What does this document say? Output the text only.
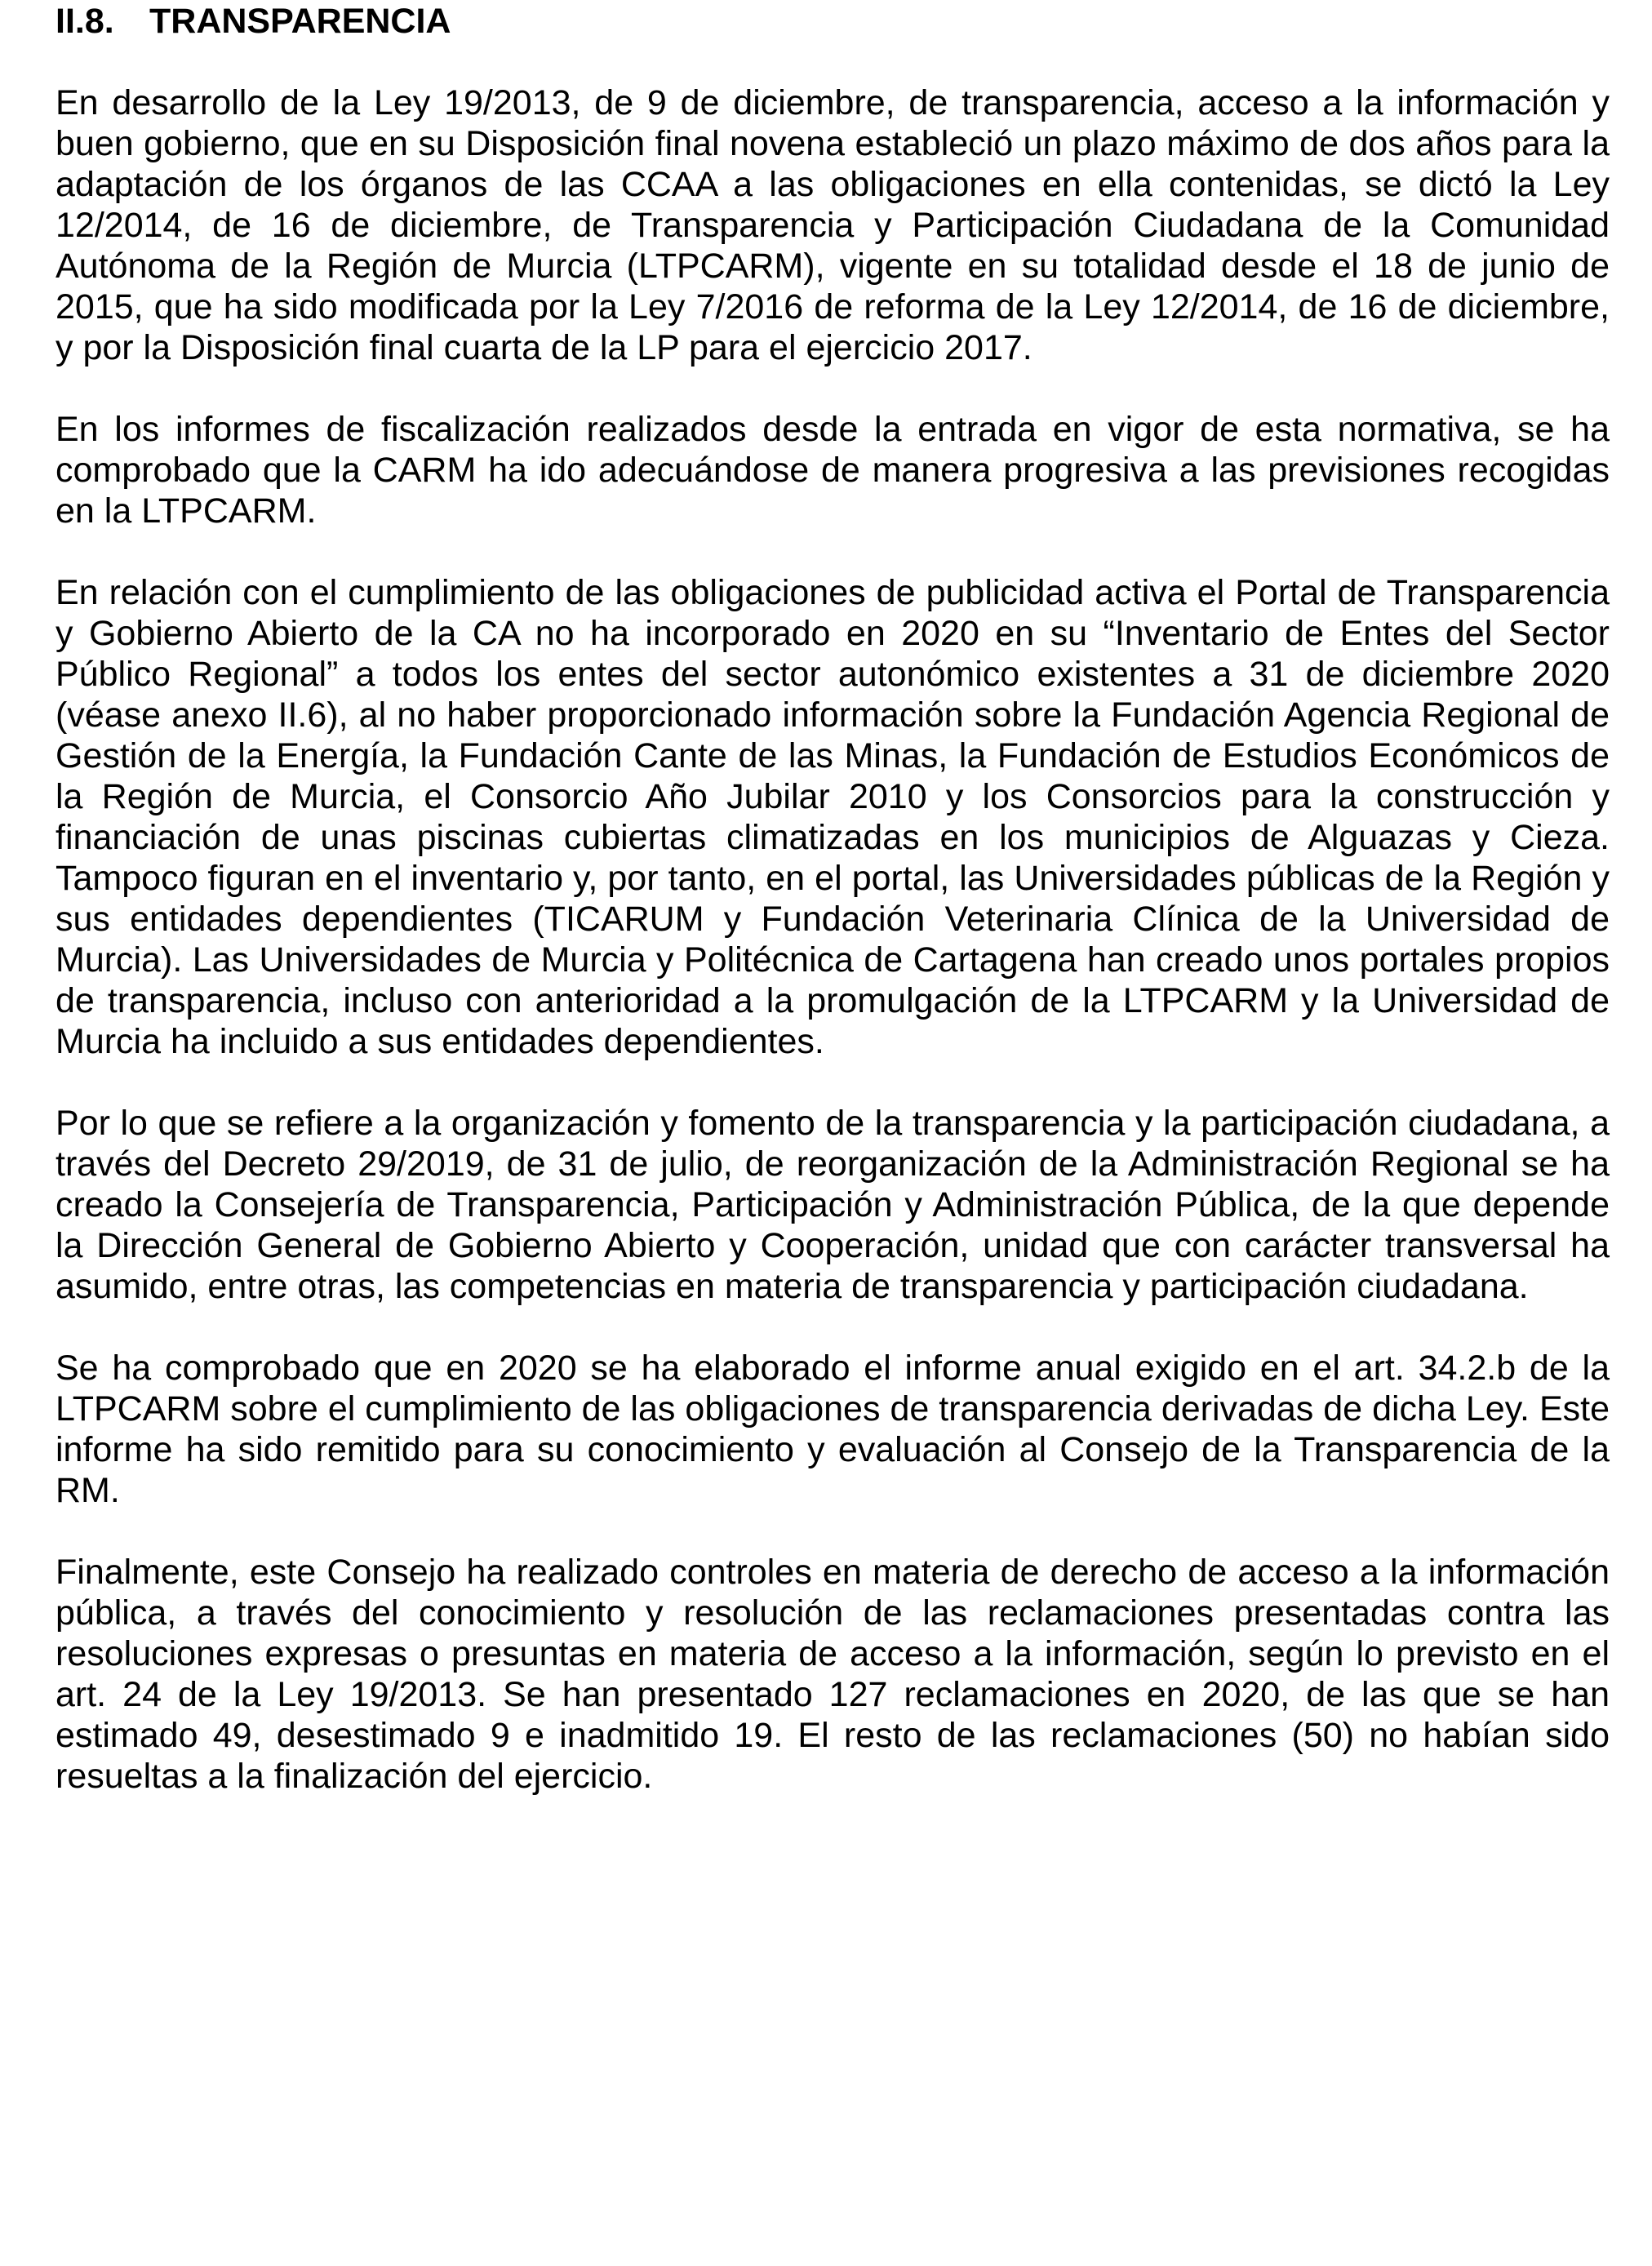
II.8. TRANSPARENCIA

En desarrollo de la Ley 19/2013, de 9 de diciembre, de transparencia, acceso a la información y buen gobierno, que en su Disposición final novena estableció un plazo máximo de dos años para la adaptación de los órganos de las CCAA a las obligaciones en ella contenidas, se dictó la Ley 12/2014, de 16 de diciembre, de Transparencia y Participación Ciudadana de la Comunidad Autónoma de la Región de Murcia (LTPCARM), vigente en su totalidad desde el 18 de junio de 2015, que ha sido modificada por la Ley 7/2016 de reforma de la Ley 12/2014, de 16 de diciembre, y por la Disposición final cuarta de la LP para el ejercicio 2017.

En los informes de fiscalización realizados desde la entrada en vigor de esta normativa, se ha comprobado que la CARM ha ido adecuándose de manera progresiva a las previsiones recogidas en la LTPCARM.

En relación con el cumplimiento de las obligaciones de publicidad activa el Portal de Transparencia y Gobierno Abierto de la CA no ha incorporado en 2020 en su “Inventario de Entes del Sector Público Regional” a todos los entes del sector autonómico existentes a 31 de diciembre 2020 (véase anexo II.6), al no haber proporcionado información sobre la Fundación Agencia Regional de Gestión de la Energía, la Fundación Cante de las Minas, la Fundación de Estudios Económicos de la Región de Murcia, el Consorcio Año Jubilar 2010 y los Consorcios para la construcción y financiación de unas piscinas cubiertas climatizadas en los municipios de Alguazas y Cieza. Tampoco figuran en el inventario y, por tanto, en el portal, las Universidades públicas de la Región y sus entidades dependientes (TICARUM y Fundación Veterinaria Clínica de la Universidad de Murcia). Las Universidades de Murcia y Politécnica de Cartagena han creado unos portales propios de transparencia, incluso con anterioridad a la promulgación de la LTPCARM y la Universidad de Murcia ha incluido a sus entidades dependientes.

Por lo que se refiere a la organización y fomento de la transparencia y la participación ciudadana, a través del Decreto 29/2019, de 31 de julio, de reorganización de la Administración Regional se ha creado la Consejería de Transparencia, Participación y Administración Pública, de la que depende la Dirección General de Gobierno Abierto y Cooperación, unidad que con carácter transversal ha asumido, entre otras, las competencias en materia de transparencia y participación ciudadana.

Se ha comprobado que en 2020 se ha elaborado el informe anual exigido en el art. 34.2.b de la LTPCARM sobre el cumplimiento de las obligaciones de transparencia derivadas de dicha Ley. Este informe ha sido remitido para su conocimiento y evaluación al Consejo de la Transparencia de la RM.

Finalmente, este Consejo ha realizado controles en materia de derecho de acceso a la información pública, a través del conocimiento y resolución de las reclamaciones presentadas contra las resoluciones expresas o presuntas en materia de acceso a la información, según lo previsto en el art. 24 de la Ley 19/2013. Se han presentado 127 reclamaciones en 2020, de las que se han estimado 49, desestimado 9 e inadmitido 19. El resto de las reclamaciones (50) no habían sido resueltas a la finalización del ejercicio.
